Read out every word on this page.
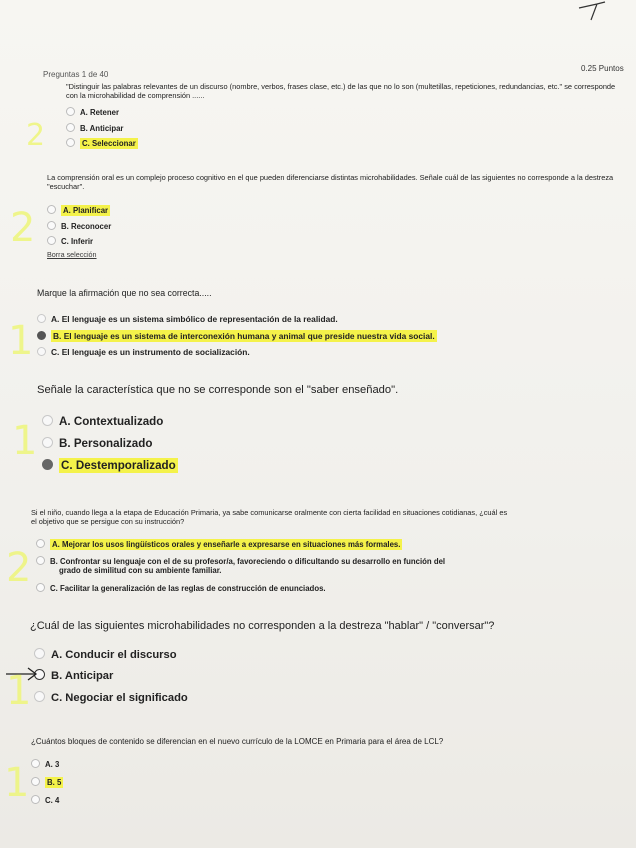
Preguntas 1 de 40
0.25 Puntos
"Distinguir las palabras relevantes de un discurso (nombre, verbos, frases clase, etc.) de las que no lo son (multetillas, repeticiones, redundancias, etc." se corresponde con la microhabilidad de comprensión ......
A. Retener
B. Anticipar
C. Seleccionar
2
La comprensión oral es un complejo proceso cognitivo en el que pueden diferenciarse distintas microhabilidades. Señale cuál de las siguientes no corresponde a la destreza "escuchar".
A. Planificar
B. Reconocer
C. Inferir
Borra selección
2
Marque la afirmación que no sea correcta.....
A. El lenguaje es un sistema simbólico de representación de la realidad.
B. El lenguaje es un sistema de interconexión humana y animal que preside nuestra vida social.
C. El lenguaje es un instrumento de socialización.
1
Señale la característica que no se corresponde son el "saber enseñado".
A. Contextualizado
B. Personalizado
C. Destemporalizado
1
Si el niño, cuando llega a la etapa de Educación Primaria, ya sabe comunicarse oralmente con cierta facilidad en situaciones cotidianas, ¿cuál es
el objetivo que se persigue con su instrucción?
A. Mejorar los usos lingüísticos orales y enseñarle a expresarse en situaciones más formales.
B. Confrontar su lenguaje con el de su profesor/a, favoreciendo o dificultando su desarrollo en función del
grado de similitud con su ambiente familiar.
C. Facilitar la generalización de las reglas de construcción de enunciados.
2
¿Cuál de las siguientes microhabilidades no corresponden a la destreza "hablar" / "conversar"?
A. Conducir el discurso
B. Anticipar
C. Negociar el significado
1
¿Cuántos bloques de contenido se diferencian en el nuevo currículo de la LOMCE en Primaria para el área de LCL?
A. 3
B. 5
C. 4
1
